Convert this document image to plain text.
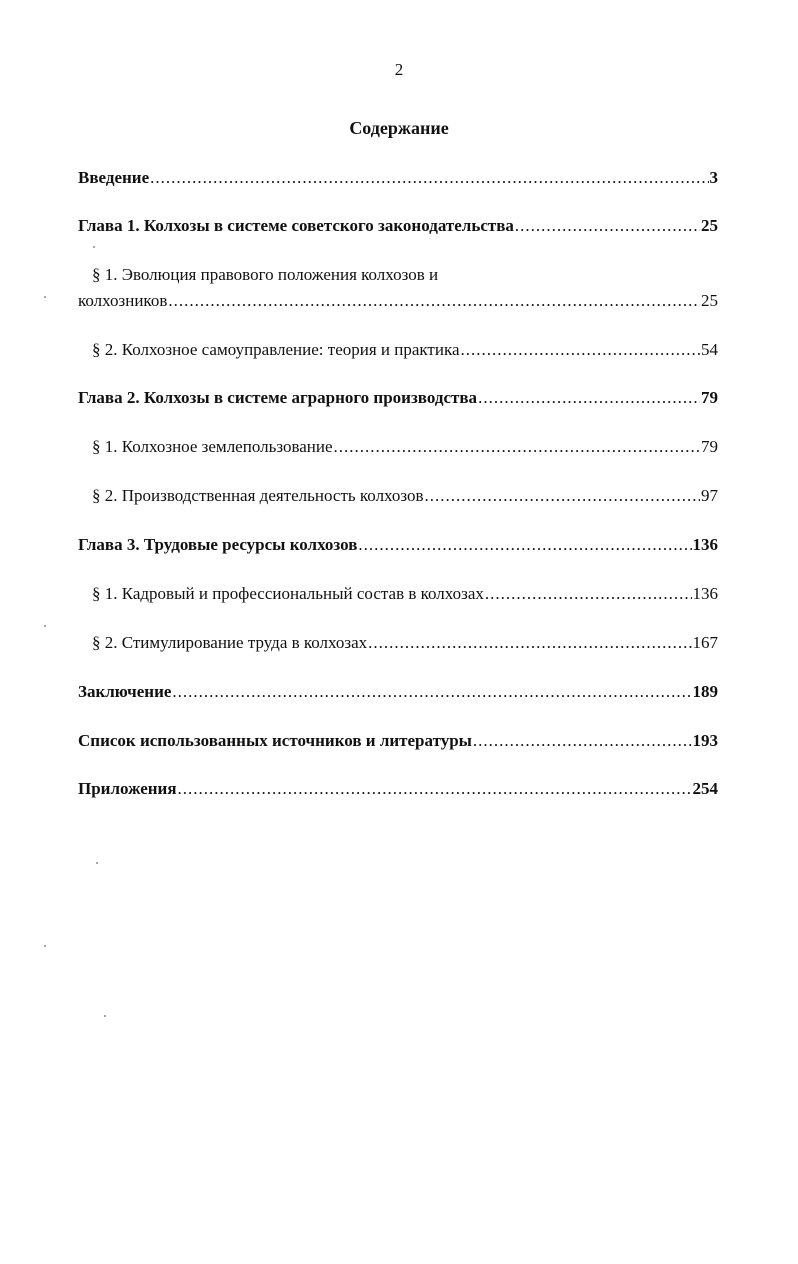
2
Содержание
Введение .....	3
Глава 1. Колхозы в системе советского законодательства .....	25
§ 1. Эволюция правового положения колхозов и
колхозников .....	25
§ 2. Колхозное самоуправление: теория и практика .....	54
Глава 2. Колхозы в системе аграрного производства .....	79
§ 1. Колхозное землепользование .....	79
§ 2. Производственная деятельность колхозов .....	97
Глава 3. Трудовые ресурсы колхозов .....	136
§ 1. Кадровый и профессиональный состав в колхозах .....	136
§ 2. Стимулирование труда в колхозах .....	167
Заключение .....	189
Список использованных источников и литературы .....	193
Приложения .....	254
